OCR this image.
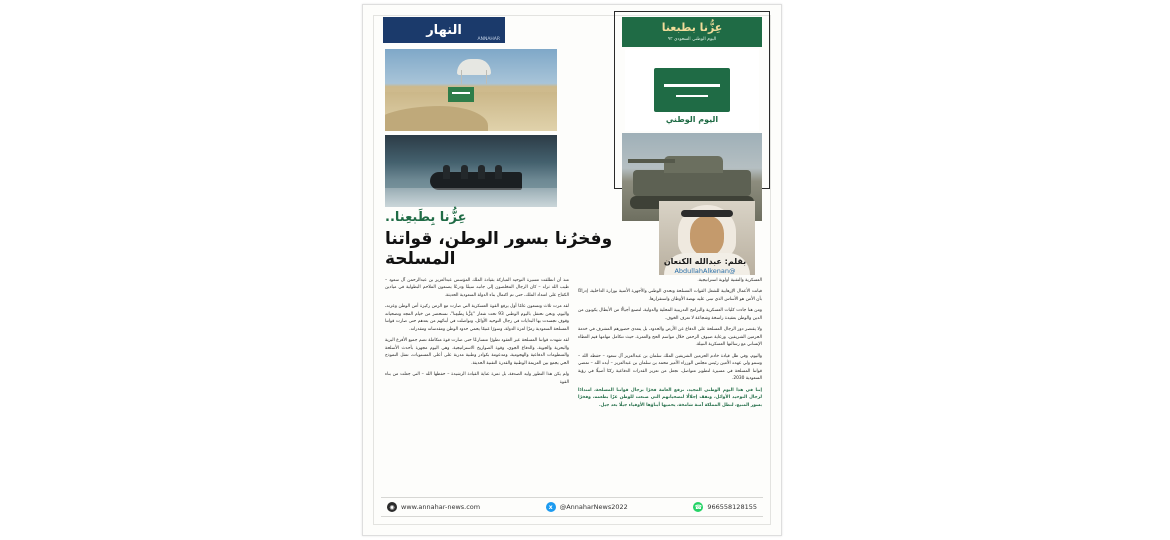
النهار
ANNAHAR
عِزُّنا بطبعنا
اليوم الوطني السعودي ٩٣
اليوم الوطني
عِزُّنا بِطَبعِنا..
وفخرُنا بسور الوطن، قواتنا المسلحة	بقلم: عبدالله الكنعان
@AbdullahAlkenan

منذ أن انطلقت مسيرة التوحيد المباركة بقيادة الملك المؤسس عبدالعزيز بن عبدالرحمن آل سعود – طيب الله ثراه – كان الرجال المخلصون إلى جانبه سيفًا ودرعًا يصنعون الملاحم البطولية في ميادين الكفاح على امتداد الملك، حتى تم اكتمال بناء الدولة السعودية الحديثة.

لقد مرت ثلاث وتسعون عامًا أول يرفع القوة العسكرية التي صارت مع الزمن ركيزة أمن الوطن وعزته، واليوم، ونحن نحتفل باليوم الوطني 93 تحت شعار "عِزُّنا بِطَبعِنا"، نستحضر من خيام المجد وتضحياته وقوف تجسدت بها البدايات في رجال التوحيد الأوائل، وتواصلت في أبنائهم من بعدهم حتى صارت قواتنا المسلحة السعودية رمزًا لعزة الدولة، وسورًا مَنيعًا يحمي حدود الوطن ومقدساته ومقدراته.

لقد شهدت قواتنا المسلحة عبر العقود تطورًا متسارعًا حتى صارت قوة متكاملة تضم جميع الأفرع البرية والبحرية والجوية، والدفاع الجوي، وقوة الصواريخ الاستراتيجية. وهي اليوم مجهزة بأحدث الأسلحة والمنظومات الدفاعية والهجومية، ومدعومة بكوادر وطنية مدربة على أعلى المستويات، تمثل النموذج الحي يجمع بين العزيمة الوطنية والقدرة التقنية الحديثة.

ولم يكن هذا التطور وليد الصدفة، بل ثمرة عناية القيادة الرشيدة – حفظها الله – التي جعلت من بناء القوة

العسكرية والتقنية أولوية استراتيجية.

فباتت الأعمال الإرهابية للشعل القوات المسلحة وتحدي الوطني والأجهزة الأمنية بوزارة الداخلية، إدراكًا بأن الأمن هو الأساس الذي تبنى عليه نهضة الأوطان واستقرارها.

ومن هنا جاءت كليات العسكرية والبرامج التدريبية المحلية والدولية، لتصنع أجيالًا من الأبطال يكونون من الدين والوطن بعقيدة راسخة وشجاعة لا تعرف الخوف.

ولا يقتصر دور الرجال المسلحة على الدفاع عن الأرض والحدود، بل يتعدى حضورهم المشرف في خدمة الحرمين الشريفين، ورعاية ضيوف الرحمن خلال مواسم الحج والعمرة، حيث تتكامل مهامها قيم العطاء الإنساني مع رسالتها العسكرية النبيلة.

واليوم، وفي ظل قيادة خادم الحرمين الشريفين الملك سلمان بن عبدالعزيز آل سعود – حفظه الله – وسمو ولي عهده الأمين رئيس مجلس الوزراء الأمير محمد بن سلمان بن عبدالعزيز – أيده الله – تمضي قواتنا المسلحة في مسيرة لتطوير متواصل، تجعل من تعزيز القدرات الدفاعية ركنًا أصيلًا في رؤية السعودية 2030.

إننا في هذا اليوم الوطني المجيد، نرفع العامة فخرًا برجال قواتنا المسلحة، امتدادًا لرجال التوحيد الأوائل، ونقف إجلالًا لتضحياتهم التي صنعت للوطن عزًا بطعمه، وفخرًا بسور المنيع، لتظل المملكة آمنة شامخة، يحميها أبناؤها الأوفياء جيلًا بعد جيل.

◉ www.annahar-news.com	x	@AnnaharNews2022	☎ 966558128155
